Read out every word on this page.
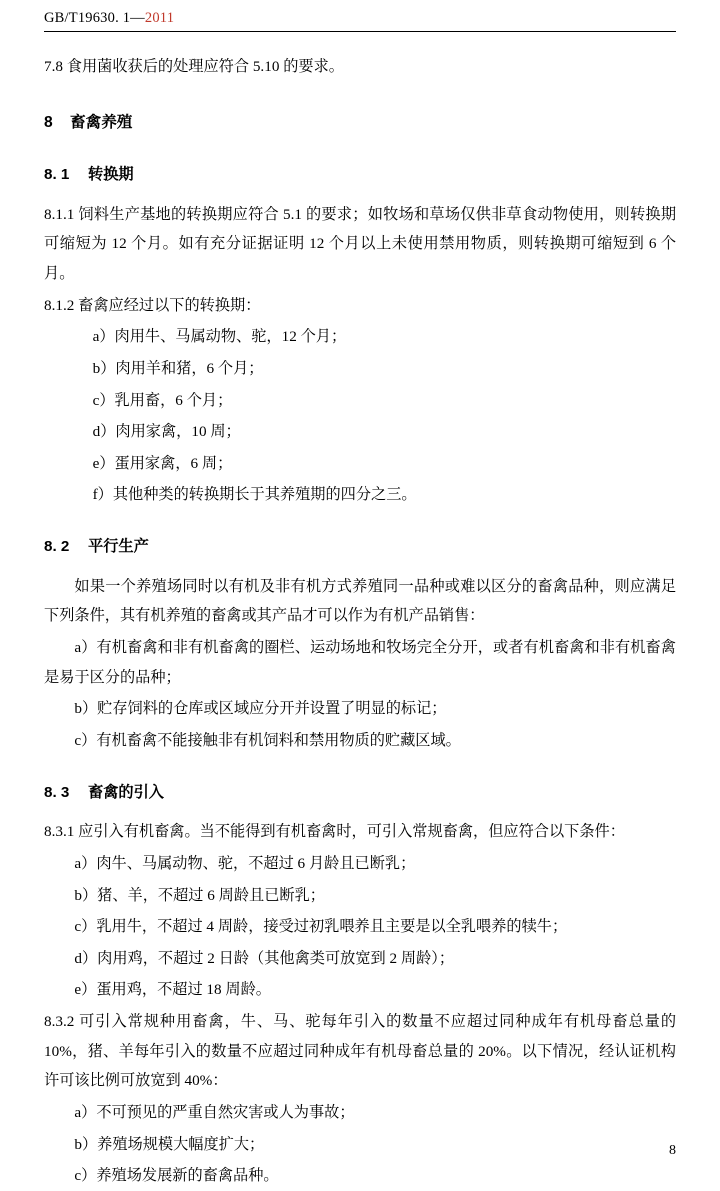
GB/T19630. 1—2011

7.8 食用菌收获后的处理应符合 5.10 的要求。

8 畜禽养殖
8. 1 转换期

8.1.1 饲料生产基地的转换期应符合 5.1 的要求；如牧场和草场仅供非草食动物使用，则转换期可缩短为 12 个月。如有充分证据证明 12 个月以上未使用禁用物质，则转换期可缩短到 6 个月。

8.1.2 畜禽应经过以下的转换期：

a）肉用牛、马属动物、驼，12 个月；

b）肉用羊和猪，6 个月；

c）乳用畜，6 个月；

d）肉用家禽，10 周；

e）蛋用家禽，6 周；

f）其他种类的转换期长于其养殖期的四分之三。

8. 2 平行生产

如果一个养殖场同时以有机及非有机方式养殖同一品种或难以区分的畜禽品种，则应满足下列条件，其有机养殖的畜禽或其产品才可以作为有机产品销售：

a）有机畜禽和非有机畜禽的圈栏、运动场地和牧场完全分开，或者有机畜禽和非有机畜禽是易于区分的品种；

b）贮存饲料的仓库或区域应分开并设置了明显的标记；

c）有机畜禽不能接触非有机饲料和禁用物质的贮藏区域。

8. 3 畜禽的引入

8.3.1 应引入有机畜禽。当不能得到有机畜禽时，可引入常规畜禽，但应符合以下条件：

a）肉牛、马属动物、驼，不超过 6 月龄且已断乳；

b）猪、羊，不超过 6 周龄且已断乳；

c）乳用牛，不超过 4 周龄，接受过初乳喂养且主要是以全乳喂养的犊牛；

d）肉用鸡，不超过 2 日龄（其他禽类可放宽到 2 周龄）；

e）蛋用鸡，不超过 18 周龄。

8.3.2 可引入常规种用畜禽，牛、马、驼每年引入的数量不应超过同种成年有机母畜总量的 10%，猪、羊每年引入的数量不应超过同种成年有机母畜总量的 20%。以下情况，经认证机构许可该比例可放宽到 40%：

a）不可预见的严重自然灾害或人为事故；

b）养殖场规模大幅度扩大；

c）养殖场发展新的畜禽品种。

8
